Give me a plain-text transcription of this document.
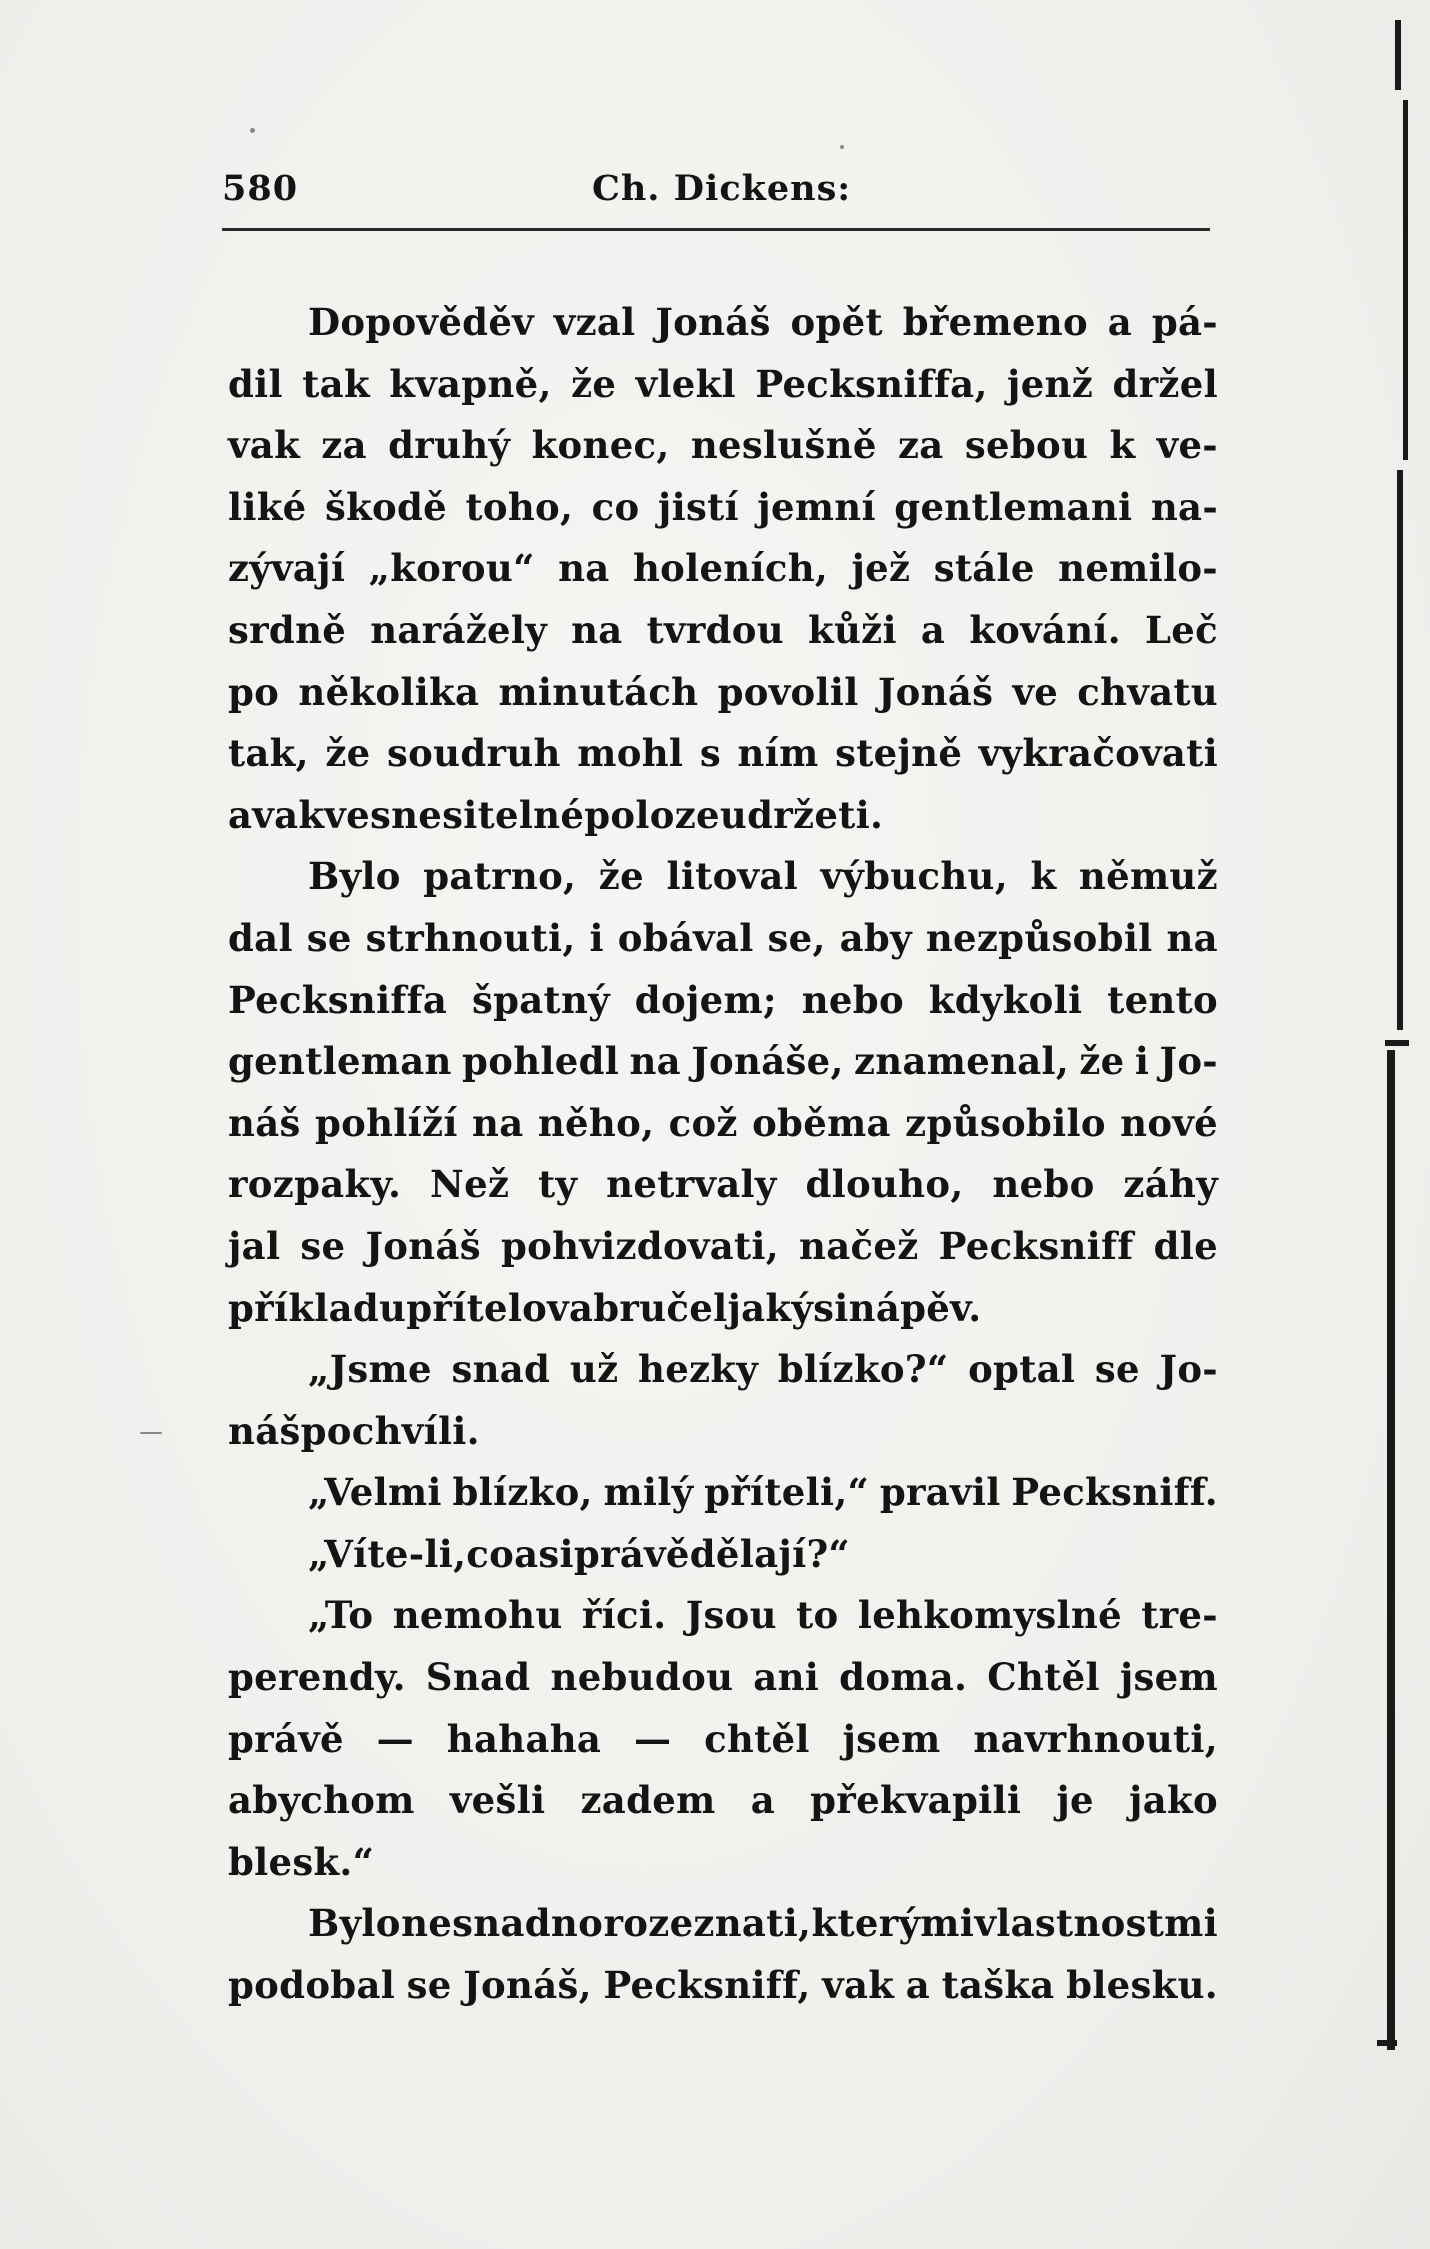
580	Ch. Dickens:
Dopověděv vzal Jonáš opět břemeno a pá-
dil tak kvapně, že vlekl Pecksniffa, jenž držel
vak za druhý konec, neslušně za sebou k ve-
liké škodě toho, co jistí jemní gentlemani na-
zývají „korou“ na holeních, jež stále nemilo-
srdně narážely na tvrdou kůži a kování. Leč
po několika minutách povolil Jonáš ve chvatu
tak, že soudruh mohl s ním stejně vykračovati
a vak ve snesitelné poloze udržeti.
Bylo patrno, že litoval výbuchu, k němuž
dal se strhnouti, i obával se, aby nezpůsobil na
Pecksniffa špatný dojem; nebo kdykoli tento
gentleman pohledl na Jonáše, znamenal, že i Jo-
náš pohlíží na něho, což oběma způsobilo nové
rozpaky. Než ty netrvaly dlouho, nebo záhy
jal se Jonáš pohvizdovati, načež Pecksniff dle
příkladu přítelova bručel jakýsi nápěv.
„Jsme snad už hezky blízko?“ optal se Jo-
náš po chvíli.
„Velmi blízko, milý příteli,“ pravil Pecksniff.
„Víte-li, co asi právě dělají?“
„To nemohu říci. Jsou to lehkomyslné tre-
perendy. Snad nebudou ani doma. Chtěl jsem
právě — hahaha — chtěl jsem navrhnouti,
abychom vešli zadem a překvapili je jako
blesk.“
Bylo nesnadno rozeznati, kterými vlastnostmi
podobal se Jonáš, Pecksniff, vak a taška blesku.
